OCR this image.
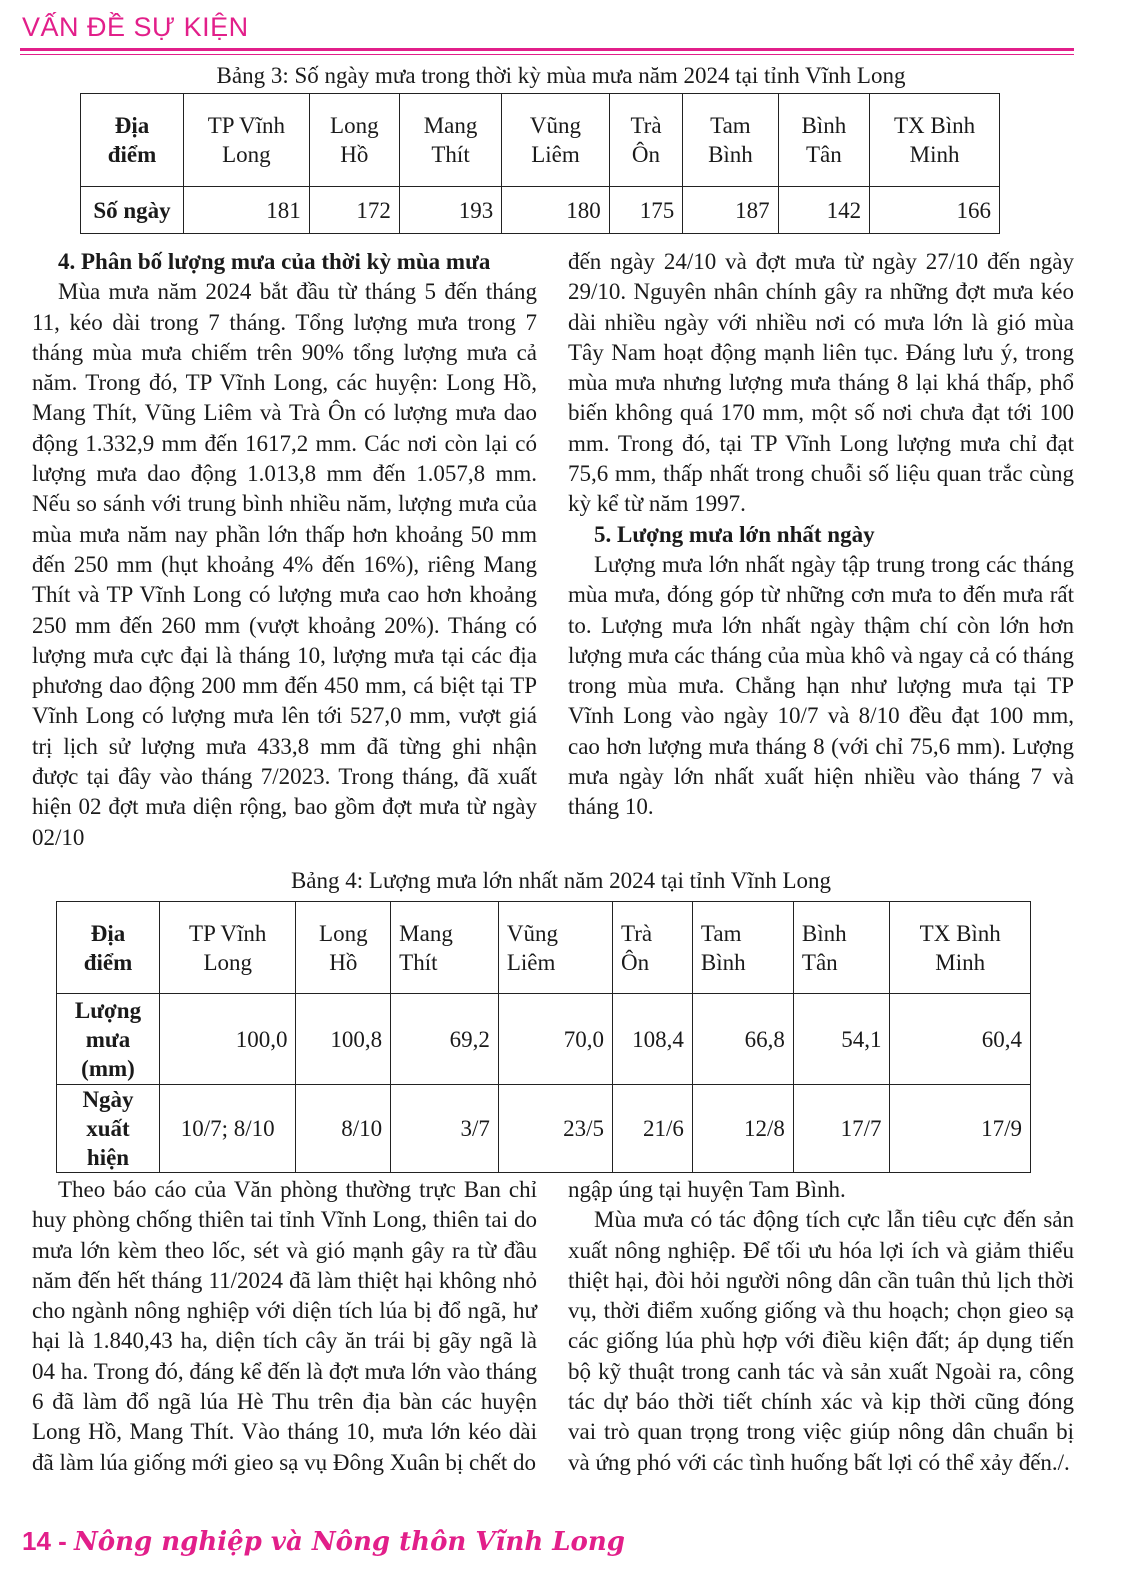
VẤN ĐỀ SỰ KIỆN
Bảng 3: Số ngày mưa trong thời kỳ mùa mưa năm 2024 tại tỉnh Vĩnh Long
Địa điểm	TP Vĩnh Long	Long Hồ	Mang Thít	Vũng Liêm	Trà Ôn	Tam Bình	Bình Tân	TX Bình Minh
Số ngày	181	172	193	180	175	187	142	166
4. Phân bố lượng mưa của thời kỳ mùa mưa

Mùa mưa năm 2024 bắt đầu từ tháng 5 đến tháng 11, kéo dài trong 7 tháng. Tổng lượng mưa trong 7 tháng mùa mưa chiếm trên 90% tổng lượng mưa cả năm. Trong đó, TP Vĩnh Long, các huyện: Long Hồ, Mang Thít, Vũng Liêm và Trà Ôn có lượng mưa dao động 1.332,9 mm đến 1617,2 mm. Các nơi còn lại có lượng mưa dao động 1.013,8 mm đến 1.057,8 mm. Nếu so sánh với trung bình nhiều năm, lượng mưa của mùa mưa năm nay phần lớn thấp hơn khoảng 50 mm đến 250 mm (hụt khoảng 4% đến 16%), riêng Mang Thít và TP Vĩnh Long có lượng mưa cao hơn khoảng 250 mm đến 260 mm (vượt khoảng 20%). Tháng có lượng mưa cực đại là tháng 10, lượng mưa tại các địa phương dao động 200 mm đến 450 mm, cá biệt tại TP Vĩnh Long có lượng mưa lên tới 527,0 mm, vượt giá trị lịch sử lượng mưa 433,8 mm đã từng ghi nhận được tại đây vào tháng 7/2023. Trong tháng, đã xuất hiện 02 đợt mưa diện rộng, bao gồm đợt mưa từ ngày 02/10

đến ngày 24/10 và đợt mưa từ ngày 27/10 đến ngày 29/10. Nguyên nhân chính gây ra những đợt mưa kéo dài nhiều ngày với nhiều nơi có mưa lớn là gió mùa Tây Nam hoạt động mạnh liên tục. Đáng lưu ý, trong mùa mưa nhưng lượng mưa tháng 8 lại khá thấp, phổ biến không quá 170 mm, một số nơi chưa đạt tới 100 mm. Trong đó, tại TP Vĩnh Long lượng mưa chỉ đạt 75,6 mm, thấp nhất trong chuỗi số liệu quan trắc cùng kỳ kể từ năm 1997.

5. Lượng mưa lớn nhất ngày

Lượng mưa lớn nhất ngày tập trung trong các tháng mùa mưa, đóng góp từ những cơn mưa to đến mưa rất to. Lượng mưa lớn nhất ngày thậm chí còn lớn hơn lượng mưa các tháng của mùa khô và ngay cả có tháng trong mùa mưa. Chẳng hạn như lượng mưa tại TP Vĩnh Long vào ngày 10/7 và 8/10 đều đạt 100 mm, cao hơn lượng mưa tháng 8 (với chỉ 75,6 mm). Lượng mưa ngày lớn nhất xuất hiện nhiều vào tháng 7 và tháng 10.

Bảng 4: Lượng mưa lớn nhất năm 2024 tại tỉnh Vĩnh Long
Địa điểm	TP Vĩnh Long	Long Hồ	Mang Thít	Vũng Liêm	Trà Ôn	Tam Bình	Bình Tân	TX Bình Minh
Lượng mưa (mm)	100,0	100,8	69,2	70,0	108,4	66,8	54,1	60,4
Ngày xuất hiện	10/7; 8/10	8/10	3/7	23/5	21/6	12/8	17/7	17/9

Theo báo cáo của Văn phòng thường trực Ban chỉ huy phòng chống thiên tai tỉnh Vĩnh Long, thiên tai do mưa lớn kèm theo lốc, sét và gió mạnh gây ra từ đầu năm đến hết tháng 11/2024 đã làm thiệt hại không nhỏ cho ngành nông nghiệp với diện tích lúa bị đổ ngã, hư hại là 1.840,43 ha, diện tích cây ăn trái bị gãy ngã là 04 ha. Trong đó, đáng kể đến là đợt mưa lớn vào tháng 6 đã làm đổ ngã lúa Hè Thu trên địa bàn các huyện Long Hồ, Mang Thít. Vào tháng 10, mưa lớn kéo dài đã làm lúa giống mới gieo sạ vụ Đông Xuân bị chết do

ngập úng tại huyện Tam Bình.

Mùa mưa có tác động tích cực lẫn tiêu cực đến sản xuất nông nghiệp. Để tối ưu hóa lợi ích và giảm thiểu thiệt hại, đòi hỏi người nông dân cần tuân thủ lịch thời vụ, thời điểm xuống giống và thu hoạch; chọn gieo sạ các giống lúa phù hợp với điều kiện đất; áp dụng tiến bộ kỹ thuật trong canh tác và sản xuất Ngoài ra, công tác dự báo thời tiết chính xác và kịp thời cũng đóng vai trò quan trọng trong việc giúp nông dân chuẩn bị và ứng phó với các tình huống bất lợi có thể xảy đến./.

14 - Nông nghiệp và Nông thôn Vĩnh Long
